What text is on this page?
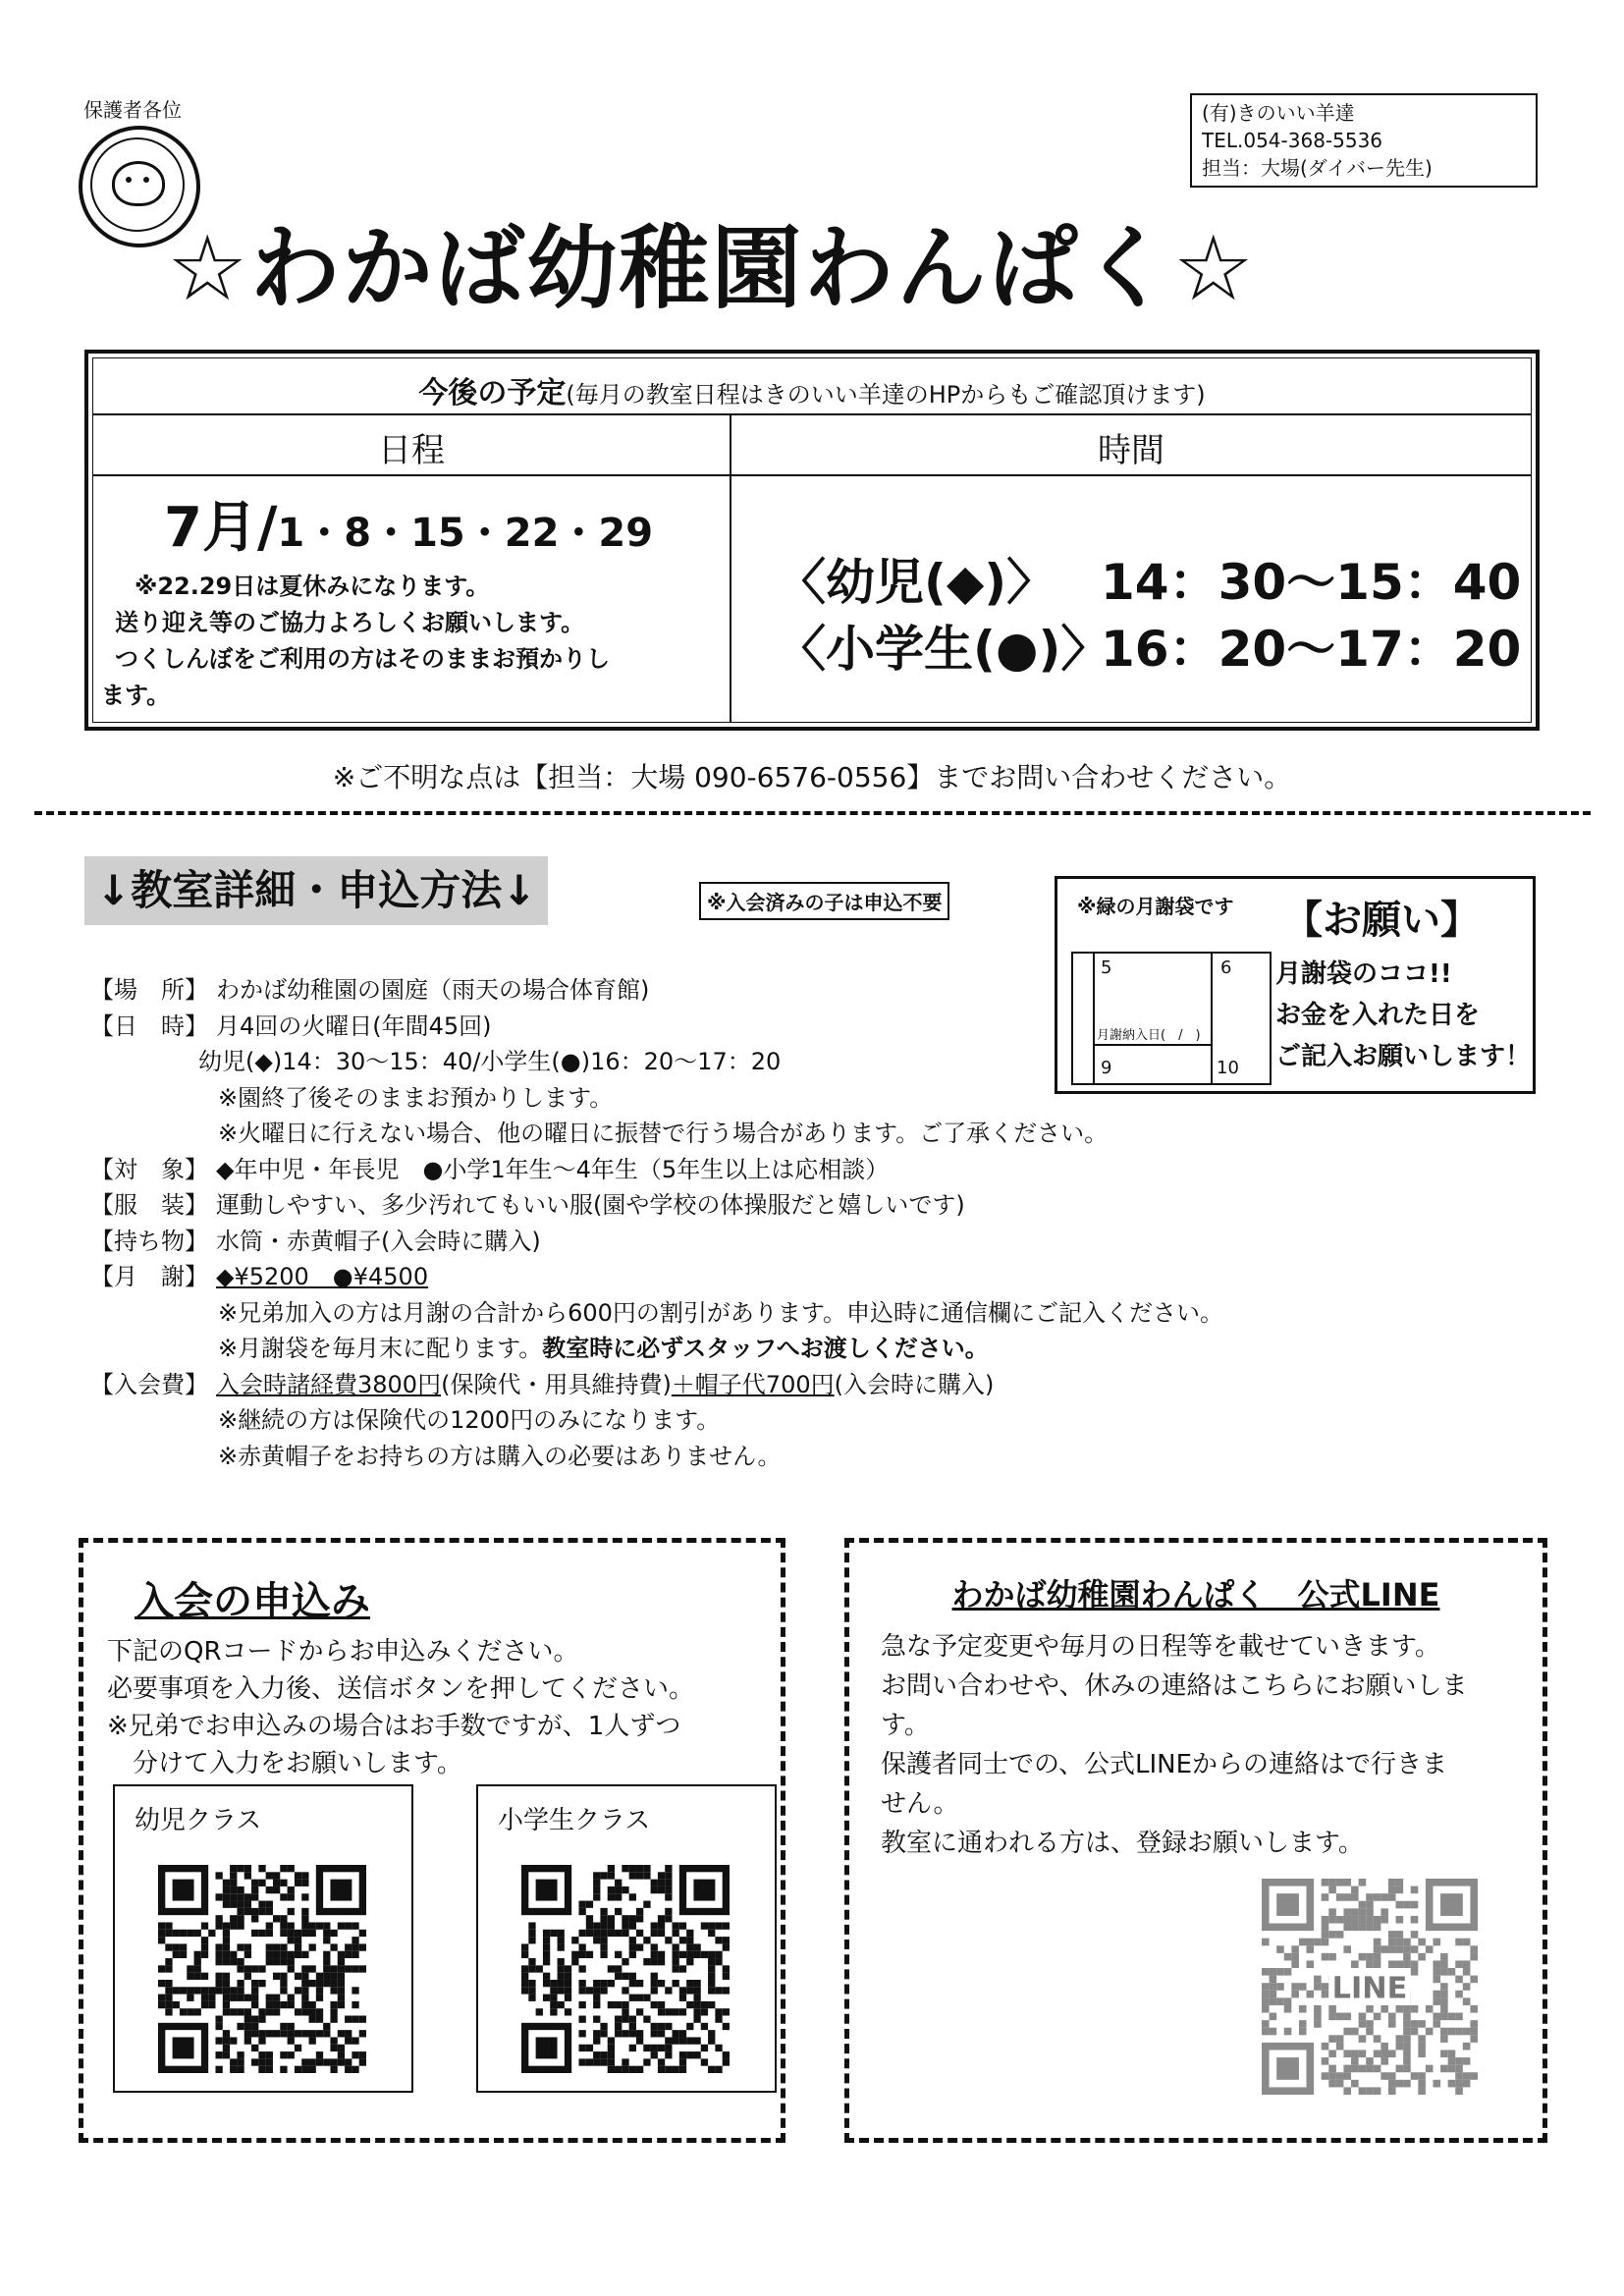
保護者各位
☆わかば幼稚園わんぱく☆
(有)きのいい羊達
TEL.054-368-5536
担当：大場(ダイバー先生)
今後の予定(毎月の教室日程はきのいい羊達のHPからもご確認頂けます)
日程	時間
7月/1・8・15・22・29
※22.29日は夏休みになります。
送り迎え等のご協力よろしくお願いします。
つくしんぼをご利用の方はそのままお預かりし
ます。
〈幼児(◆)〉 14：30〜15：40
〈小学生(●)〉16：20〜17：20
※ご不明な点は【担当：大場 090-6576-0556】までお問い合わせください。
↓教室詳細・申込方法↓	※入会済みの子は申込不要
【場　所】 わかば幼稚園の園庭（雨天の場合体育館)
【日　時】 月4回の火曜日(年間45回)
幼児(◆)14：30〜15：40/小学生(●)16：20〜17：20
※園終了後そのままお預かりします。
※火曜日に行えない場合、他の曜日に振替で行う場合があります。ご了承ください。
【対　象】 ◆年中児・年長児　●小学1年生〜4年生（5年生以上は応相談）
【服　装】 運動しやすい、多少汚れてもいい服(園や学校の体操服だと嬉しいです)
【持ち物】 水筒・赤黄帽子(入会時に購入)
【月　謝】 ◆¥5200　●¥4500
※兄弟加入の方は月謝の合計から600円の割引があります。申込時に通信欄にご記入ください。
※月謝袋を毎月末に配ります。教室時に必ずスタッフへお渡しください。
【入会費】 入会時諸経費3800円(保険代・用具維持費)＋帽子代700円(入会時に購入)
※継続の方は保険代の1200円のみになります。
※赤黄帽子をお持ちの方は購入の必要はありません。
※緑の月謝袋です 【お願い】
5	6
9	10
月謝納入日(　/　)
月謝袋のココ!!
お金を入れた日を
ご記入お願いします！
入会の申込み
下記のQRコードからお申込みください。
必要事項を入力後、送信ボタンを押してください。
※兄弟でお申込みの場合はお手数ですが、1人ずつ
　分けて入力をお願いします。
幼児クラス	小学生クラス
わかば幼稚園わんぱく　公式LINE
急な予定変更や毎月の日程等を載せていきます。
お問い合わせや、休みの連絡はこちらにお願いしま
す。
保護者同士での、公式LINEからの連絡はで行きま
せん。
教室に通われる方は、登録お願いします。
LINE
